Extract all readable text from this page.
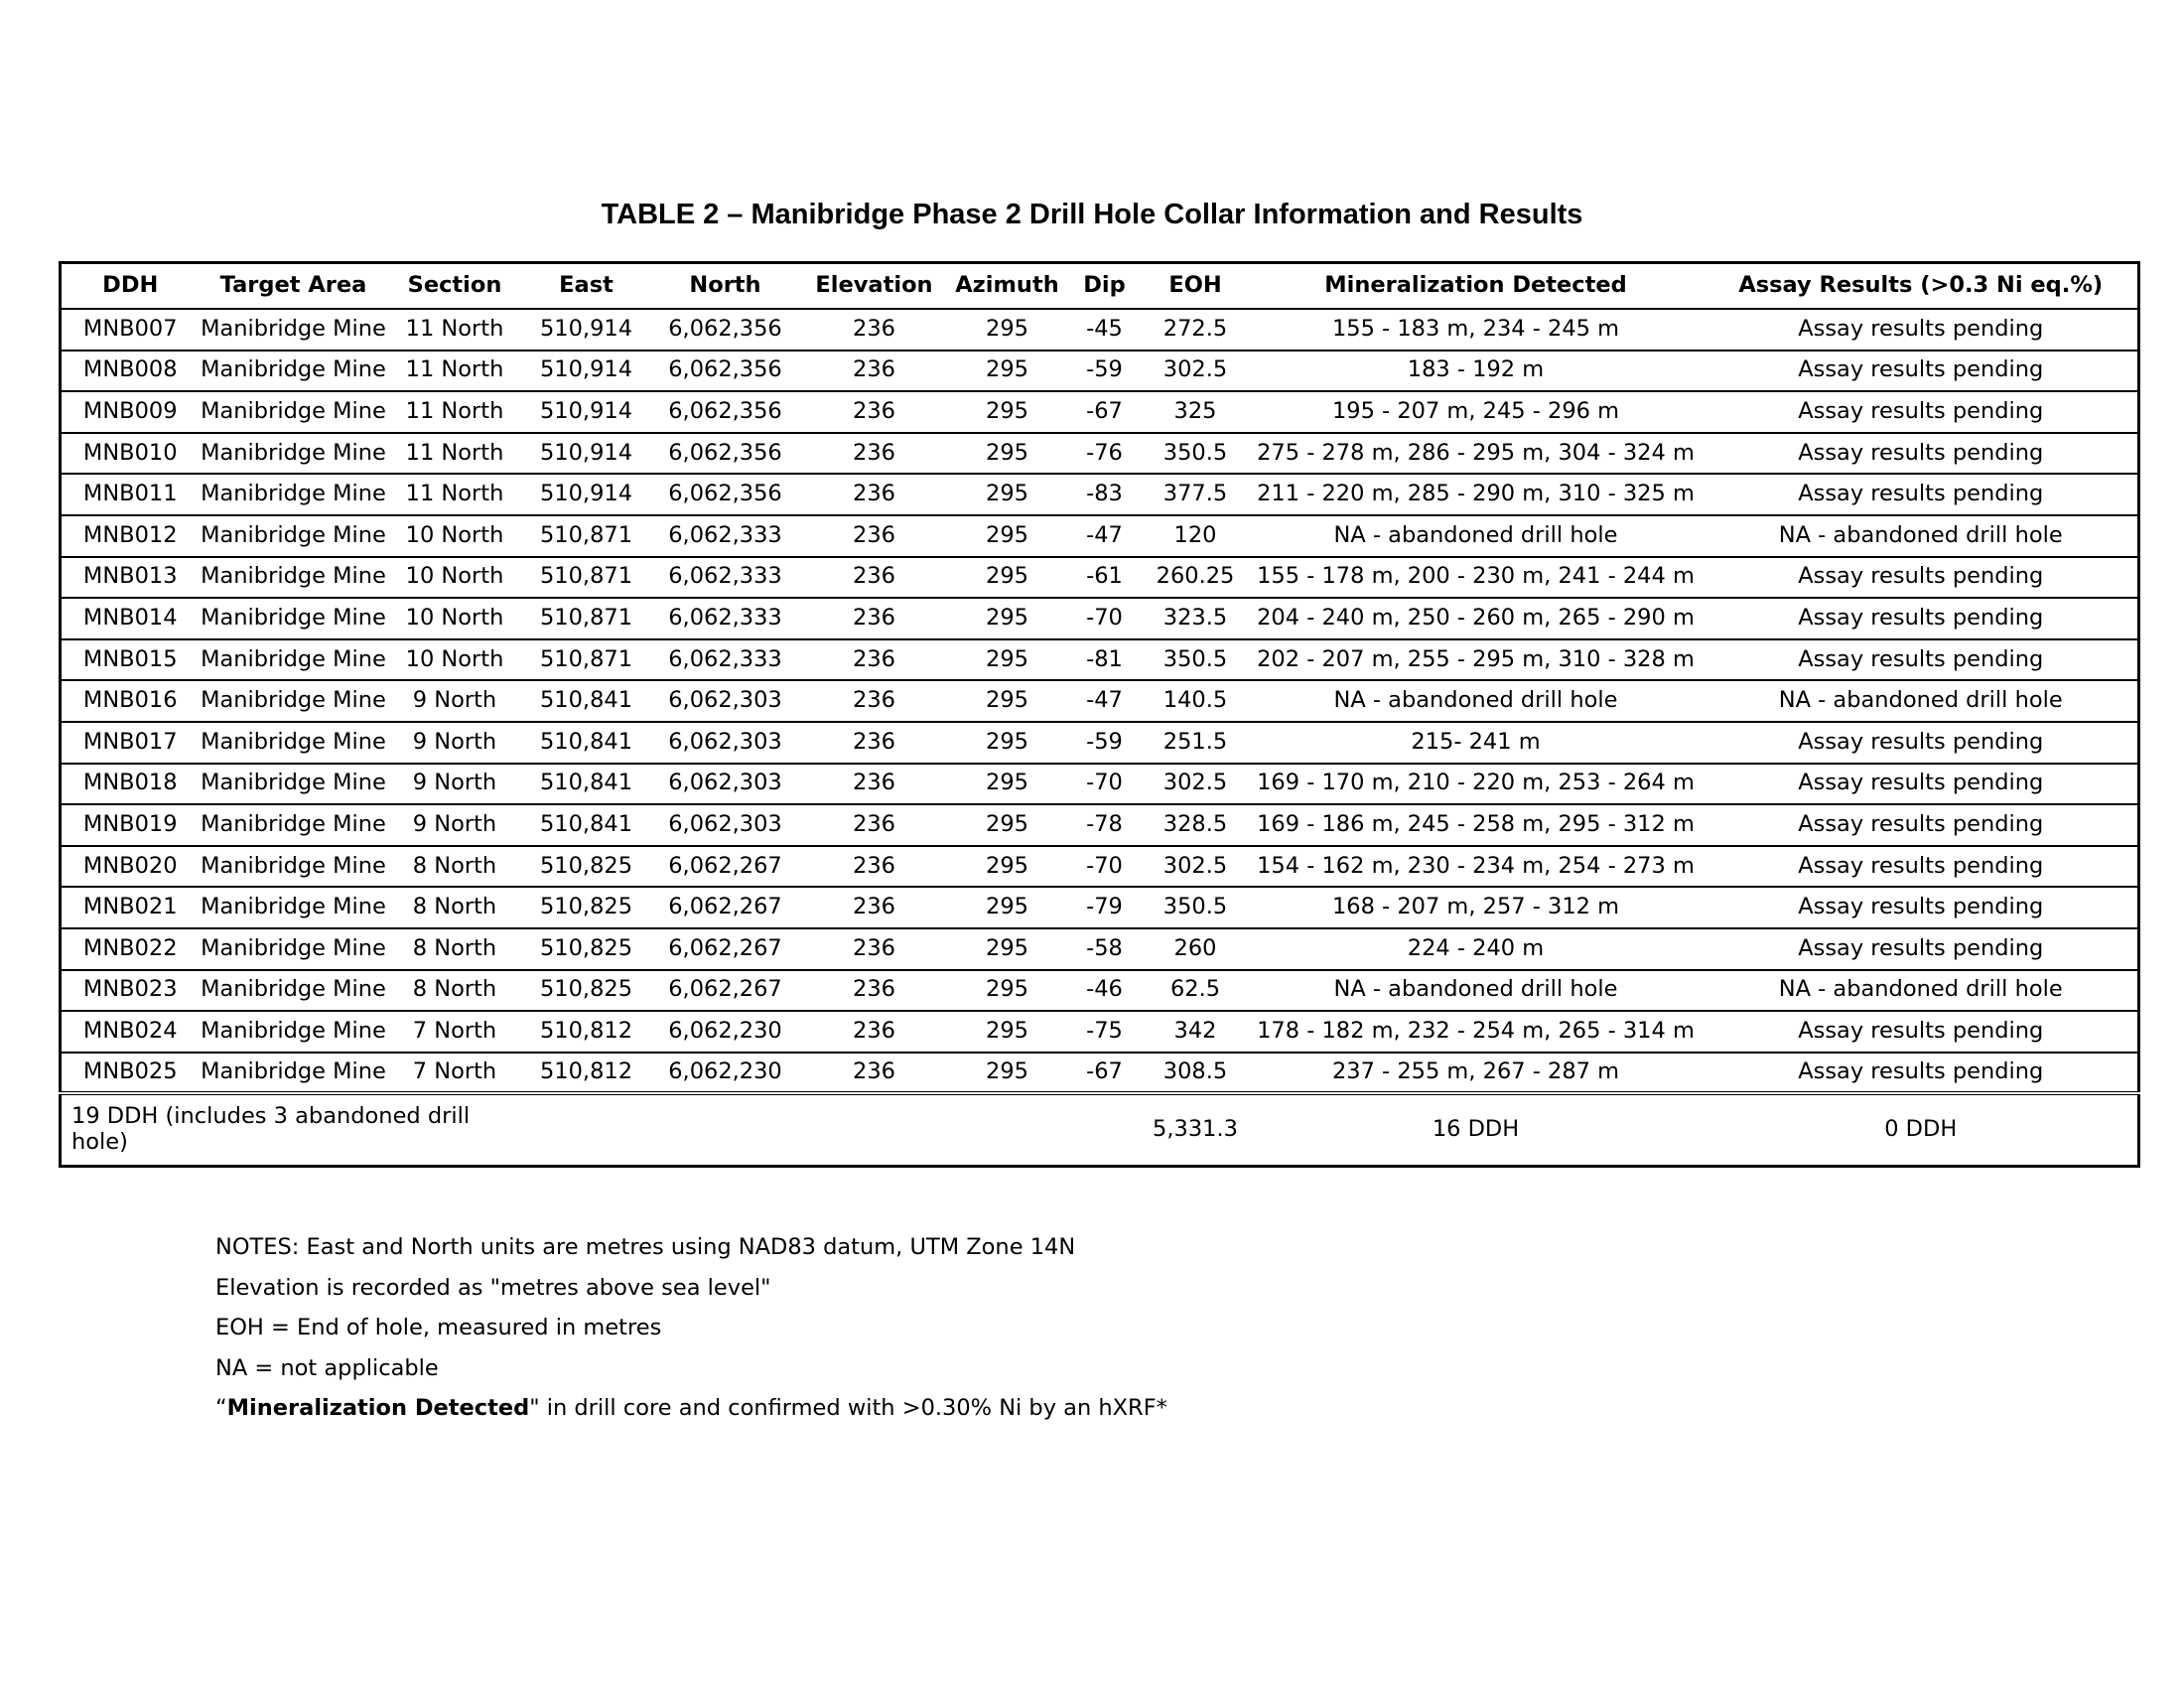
TABLE 2 – Manibridge Phase 2 Drill Hole Collar Information and Results
DDH	Target Area	Section	East	North	Elevation	Azimuth	Dip	EOH	Mineralization Detected	Assay Results (>0.3 Ni eq.%)
MNB007	Manibridge Mine	11 North	510,914	6,062,356	236	295	-45	272.5	155 - 183 m, 234 - 245 m	Assay results pending
MNB008	Manibridge Mine	11 North	510,914	6,062,356	236	295	-59	302.5	183 - 192 m	Assay results pending
MNB009	Manibridge Mine	11 North	510,914	6,062,356	236	295	-67	325	195 - 207 m, 245 - 296 m	Assay results pending
MNB010	Manibridge Mine	11 North	510,914	6,062,356	236	295	-76	350.5	275 - 278 m, 286 - 295 m, 304 - 324 m	Assay results pending
MNB011	Manibridge Mine	11 North	510,914	6,062,356	236	295	-83	377.5	211 - 220 m, 285 - 290 m, 310 - 325 m	Assay results pending
MNB012	Manibridge Mine	10 North	510,871	6,062,333	236	295	-47	120	NA - abandoned drill hole	NA - abandoned drill hole
MNB013	Manibridge Mine	10 North	510,871	6,062,333	236	295	-61	260.25	155 - 178 m, 200 - 230 m, 241 - 244 m	Assay results pending
MNB014	Manibridge Mine	10 North	510,871	6,062,333	236	295	-70	323.5	204 - 240 m, 250 - 260 m, 265 - 290 m	Assay results pending
MNB015	Manibridge Mine	10 North	510,871	6,062,333	236	295	-81	350.5	202 - 207 m, 255 - 295 m, 310 - 328 m	Assay results pending
MNB016	Manibridge Mine	9 North	510,841	6,062,303	236	295	-47	140.5	NA - abandoned drill hole	NA - abandoned drill hole
MNB017	Manibridge Mine	9 North	510,841	6,062,303	236	295	-59	251.5	215- 241 m	Assay results pending
MNB018	Manibridge Mine	9 North	510,841	6,062,303	236	295	-70	302.5	169 - 170 m, 210 - 220 m, 253 - 264 m	Assay results pending
MNB019	Manibridge Mine	9 North	510,841	6,062,303	236	295	-78	328.5	169 - 186 m, 245 - 258 m, 295 - 312 m	Assay results pending
MNB020	Manibridge Mine	8 North	510,825	6,062,267	236	295	-70	302.5	154 - 162 m, 230 - 234 m, 254 - 273 m	Assay results pending
MNB021	Manibridge Mine	8 North	510,825	6,062,267	236	295	-79	350.5	168 - 207 m, 257 - 312 m	Assay results pending
MNB022	Manibridge Mine	8 North	510,825	6,062,267	236	295	-58	260	224 - 240 m	Assay results pending
MNB023	Manibridge Mine	8 North	510,825	6,062,267	236	295	-46	62.5	NA - abandoned drill hole	NA - abandoned drill hole
MNB024	Manibridge Mine	7 North	510,812	6,062,230	236	295	-75	342	178 - 182 m, 232 - 254 m, 265 - 314 m	Assay results pending
MNB025	Manibridge Mine	7 North	510,812	6,062,230	236	295	-67	308.5	237 - 255 m, 267 - 287 m	Assay results pending
19 DDH (includes 3 abandoned drill hole)								5,331.3	16 DDH	0 DDH
NOTES: East and North units are metres using NAD83 datum, UTM Zone 14N
Elevation is recorded as "metres above sea level"
EOH = End of hole, measured in metres
NA = not applicable
“Mineralization Detected" in drill core and confirmed with >0.30% Ni by an hXRF*
